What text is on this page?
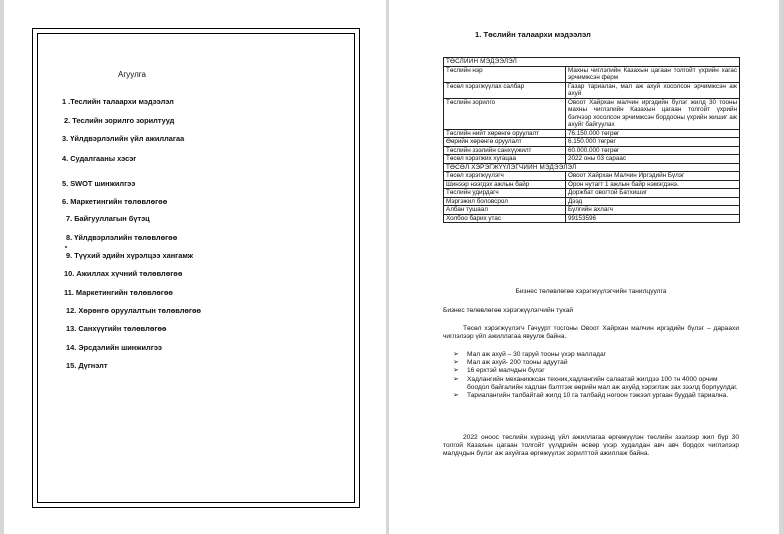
Агуулга
1 .Теслийн талаархи мэдээлэл
2. Теслийн зорилго зорилтууд
3. Үйлдвэрлэлийн үйл ажиллагаа
4. Судалгааны хэсэг
5. SWOT шинжилгээ
6. Маркетингийн төлөвлөгөө
7. Байгууллагын бүтэц
8. Үйлдвэрлэлийн төлөвлөгөө
9. Түүхий эдийн хүрэлцээ хангамж
10. Ажиллах хүчний төлөвлөгөө
11. Маркетингийн төлөвлөгөө
12. Хөрөнгө оруулалтын төлөвлөгөө
13. Санхүүгийн төлөвлөгөө
14. Эрсдэлийн шинжилгээ
15. Дүгнэлт
1. Төслийн талаархи мэдээлэл
ТӨСЛИЙН МЭДЭЭЛЭЛ	
Төслийн нэр	Махны чиглэлийн Казахын цагаан толгойт үхрийн хагас эрчимжсэн ферм
Төсөл хэрэгжүүлах салбар	Газар тариалан, мал аж ахуй хосолсон эрчимжсэн аж ахуй
Төслийн зорилго	Овоот Хайрхан малчин иргэдийн бүлэг жилд 30 тооны махны чиглэлийн Казахын цагаан толгойт үхрийн бэлчээр хосолсон эрчимжсэн бордооны үхрийн жишиг аж ахуйг байгуулах
Төслийн нийт хөрөнгө оруулалт	76.150.000 төгрөг
Өөрийн хөрөнгө оруулалт	6.150.000 төгрөг
Төслийн зээлийн санхүүжилт	60.000.000 төгрөг
Төсөл хэрэгжих хугацаа	2022 оны 03 сараас
ТӨСӨЛ ХЭРЭГЖҮҮЛЭГЧИЙН МЭДЭЭЛЭЛ	
Төсөл хэрэгжүүлэгч	Овоот Хайрхан Малчин Иргэдийн Бүлэг
Шинээр нээгдэх ажлын байр	Орон нутагт 1 ажлын байр нэмэгдэнэ.
Төслийн удирдагч	Доржбат овогтой Батхишиг
Мэргэжил боловсрол	Дээд
Албан тушаал	Бүлгийн ахлагч
Холбоо барих утас	99153596
Бизнес төлөвлөгөө хэрэгжүүлэгчийн танилцуулга
Бизнес төлөвлөгөө хэрэгжүүлэгчийн тухай
Төсөл хэрэгжүүлэгч Гачуурт тосгоны Овоот Хайрхан малчин иргэдийн бүлэг – дараахи чиглэлээр үйл ажиллагаа явуулж байна.
➢ Мал аж ахуй – 30 гаруй тооны үхэр малладаг
➢ Мал аж ахуй- 200 тооны адуутай
➢ 16 ерхтэй малчдын бүлэг
➢ Хадлангийн механикжсан техник,хадлангийн салаатай жилдээ 100 тн 4000 орчим боодол байгалийн хадлан бэлтгэж өөрийн мал аж ахуйд хэрэглэж зах зээлд борлуулдаг.
➢ Тариалангийн талбайтай жилд 10 га талбайд ногоон тэжээл ургаан буудай тариална.
2022 оноос төслийн хүрээнд үйл ажиллагаа өргөжүүлэн төслийн зээлээр жил бүр 30 толгой Казахын цагаан толгойт үүлдрийн өсвөр үхэр худалдан авч авч бордох чиглэлээр малдчдын бүлэг аж ахуйгаа өргөжүүлэх зорилттой ажиллаж байна.
